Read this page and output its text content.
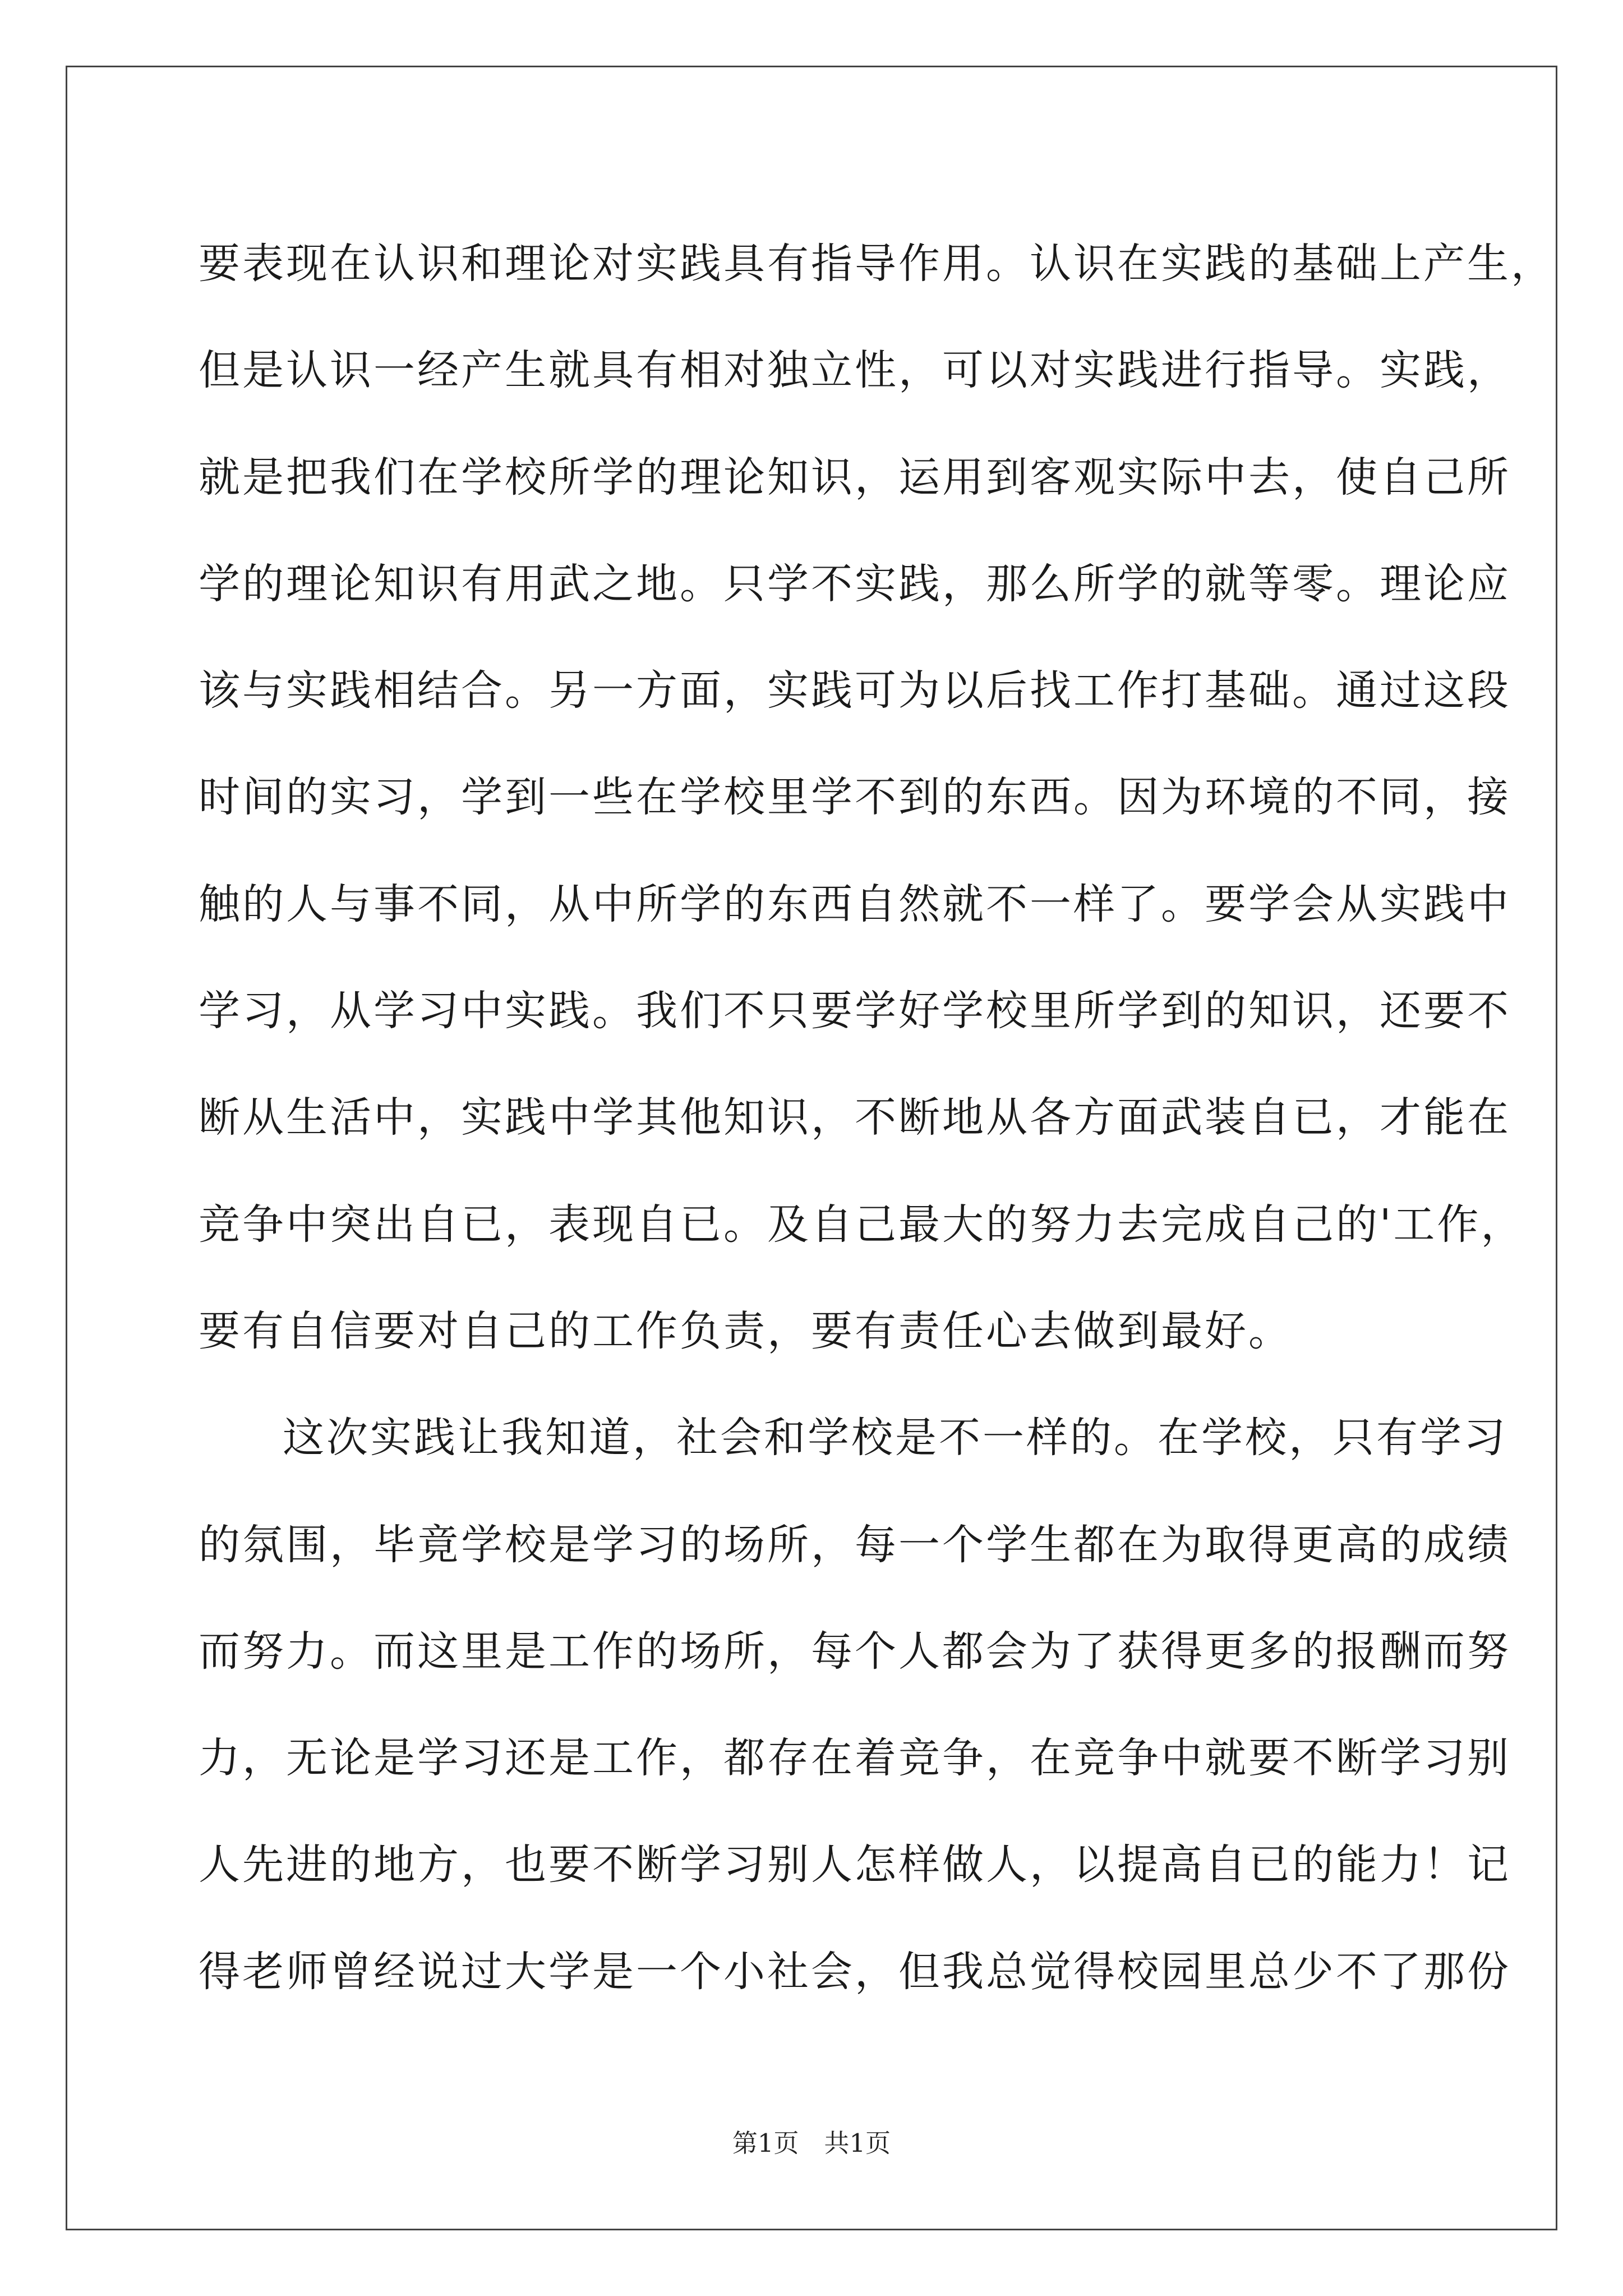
要表现在认识和理论对实践具有指导作用。认识在实践的基础上产生，
但是认识一经产生就具有相对独立性，可以对实践进行指导。实践，
就是把我们在学校所学的理论知识，运用到客观实际中去，使自己所
学的理论知识有用武之地。只学不实践，那么所学的就等零。理论应
该与实践相结合。另一方面，实践可为以后找工作打基础。通过这段
时间的实习，学到一些在学校里学不到的东西。因为环境的不同，接
触的人与事不同，从中所学的东西自然就不一样了。要学会从实践中
学习，从学习中实践。我们不只要学好学校里所学到的知识，还要不
断从生活中，实践中学其他知识，不断地从各方面武装自已，才能在
竞争中突出自已，表现自已。及自己最大的努力去完成自己的'工作，
要有自信要对自己的工作负责，要有责任心去做到最好。
这次实践让我知道，社会和学校是不一样的。在学校，只有学习
的氛围，毕竟学校是学习的场所，每一个学生都在为取得更高的成绩
而努力。而这里是工作的场所，每个人都会为了获得更多的报酬而努
力，无论是学习还是工作，都存在着竞争，在竞争中就要不断学习别
人先进的地方，也要不断学习别人怎样做人，以提高自已的能力！记
得老师曾经说过大学是一个小社会，但我总觉得校园里总少不了那份
第1页　共1页
